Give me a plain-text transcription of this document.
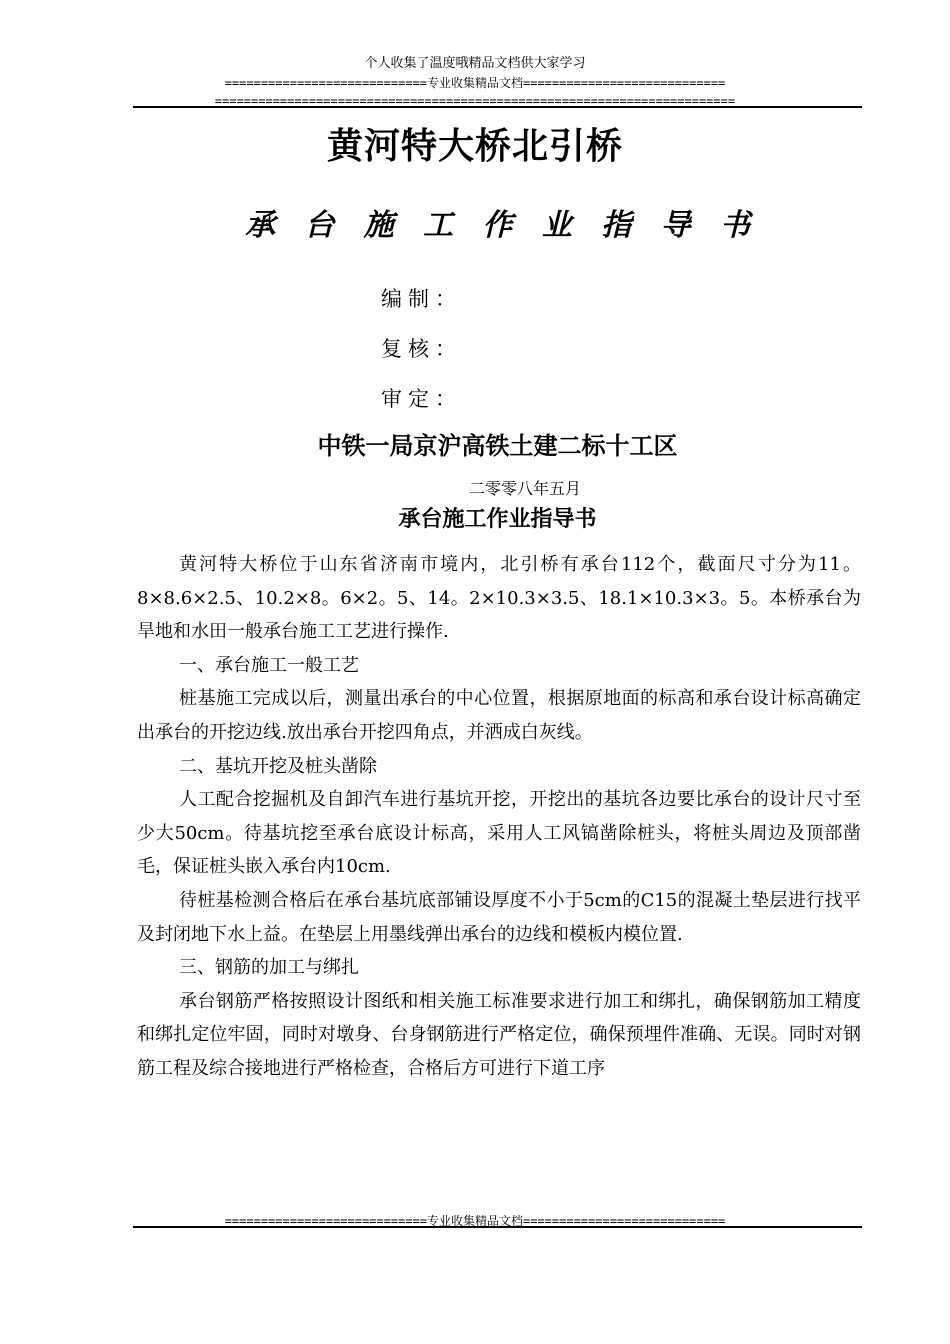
个人收集了温度哦精品文档供大家学习
============================专业收集精品文档============================
========================================================================
黄河特大桥北引桥
承 台 施 工 作 业 指 导 书
编制：
复核：
审定：
中铁一局京沪高铁土建二标十工区
二零零八年五月
承台施工作业指导书

黄河特大桥位于山东省济南市境内，北引桥有承台112个，截面尺寸分为11。8×8.6×2.5、10.2×8。6×2。5、14。2×10.3×3.5、18.1×10.3×3。5。本桥承台为旱地和水田一般承台施工工艺进行操作.

一、承台施工一般工艺

桩基施工完成以后，测量出承台的中心位置，根据原地面的标高和承台设计标高确定出承台的开挖边线.放出承台开挖四角点，并洒成白灰线。

二、基坑开挖及桩头凿除

人工配合挖掘机及自卸汽车进行基坑开挖，开挖出的基坑各边要比承台的设计尺寸至少大50cm。待基坑挖至承台底设计标高，采用人工风镐凿除桩头，将桩头周边及顶部凿毛，保证桩头嵌入承台内10cm.

待桩基检测合格后在承台基坑底部铺设厚度不小于5cm的C15的混凝土垫层进行找平及封闭地下水上益。在垫层上用墨线弹出承台的边线和模板内模位置.

三、钢筋的加工与绑扎

承台钢筋严格按照设计图纸和相关施工标准要求进行加工和绑扎，确保钢筋加工精度和绑扎定位牢固，同时对墩身、台身钢筋进行严格定位，确保预埋件准确、无误。同时对钢筋工程及综合接地进行严格检查，合格后方可进行下道工序

============================专业收集精品文档============================
